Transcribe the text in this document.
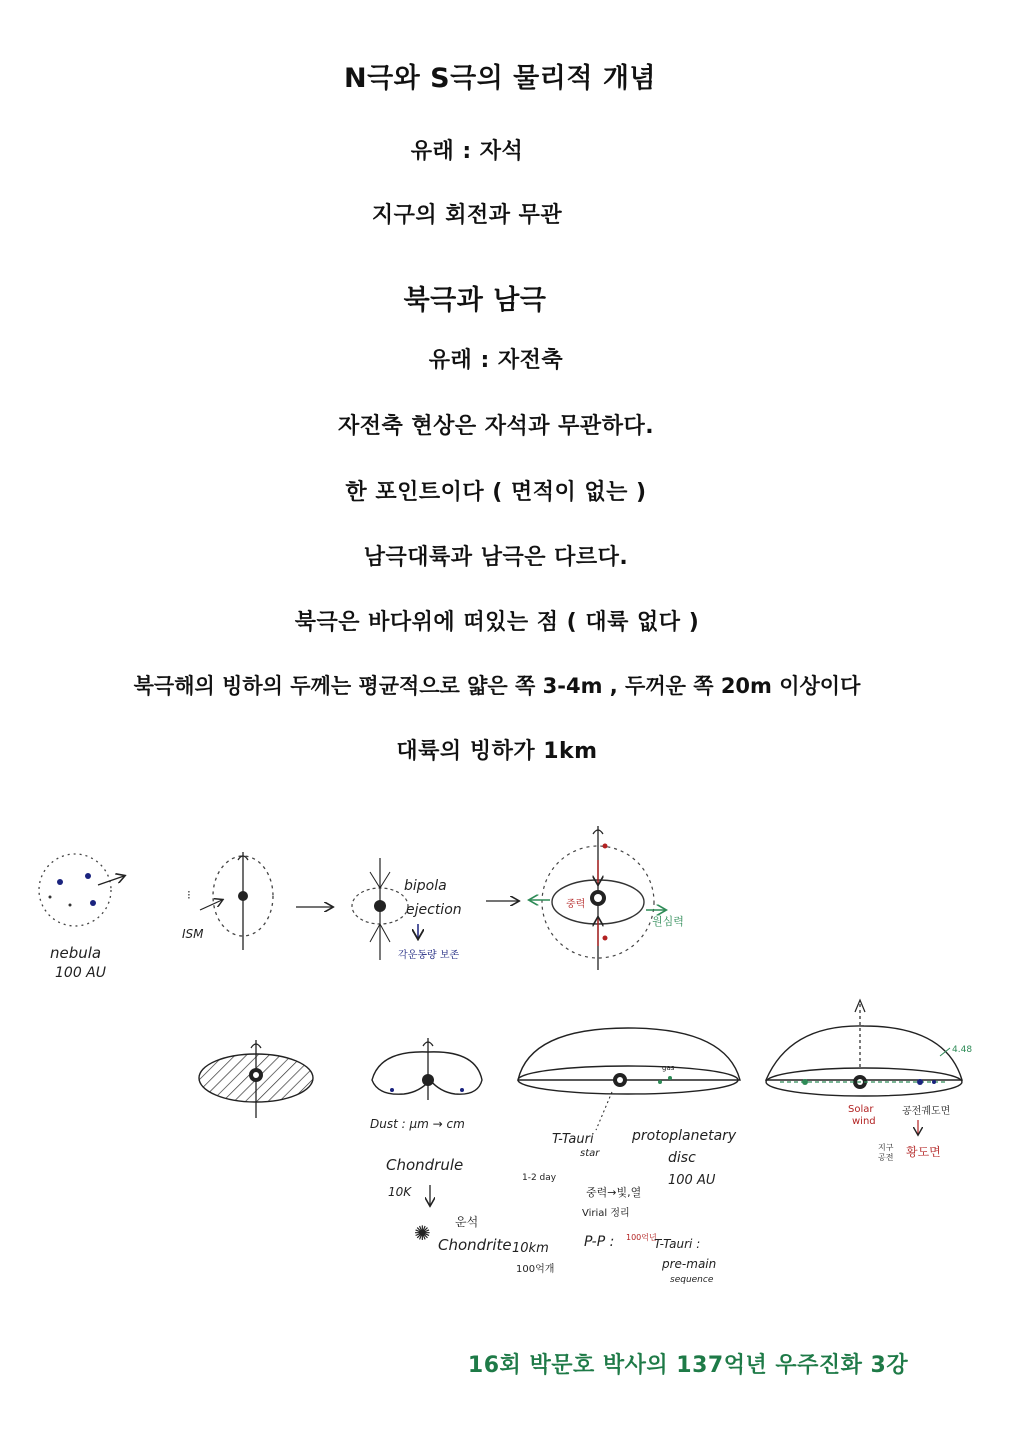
N극와 S극의 물리적 개념
유래 : 자석
지구의 회전과 무관
북극과 남극
유래 : 자전축
자전축 현상은 자석과 무관하다.
한 포인트이다 ( 면적이 없는 )
남극대륙과 남극은 다르다.
북극은 바다위에 떠있는 점 ( 대륙 없다 )
북극해의 빙하의 두께는 평균적으로 얇은 쪽 3-4m , 두꺼운 쪽 20m 이상이다
대륙의 빙하가 1km
nebula
100 AU
⁝
ISM
bipola
ejection
각운동량 보존
중력
원심력
Dust : μm → cm
Chondrule
10K
운석
✺ Chondrite 10km
100억개
gas
T-Tauri
star
1-2 day
중력→빛,열
Virial 정리
protoplanetary
disc
100 AU
P-P : 100억년
T-Tauri :
pre-main
sequence
4.48
Solar
wind
공전궤도면
지구
공전 황도면
16회 박문호 박사의 137억년 우주진화 3강
